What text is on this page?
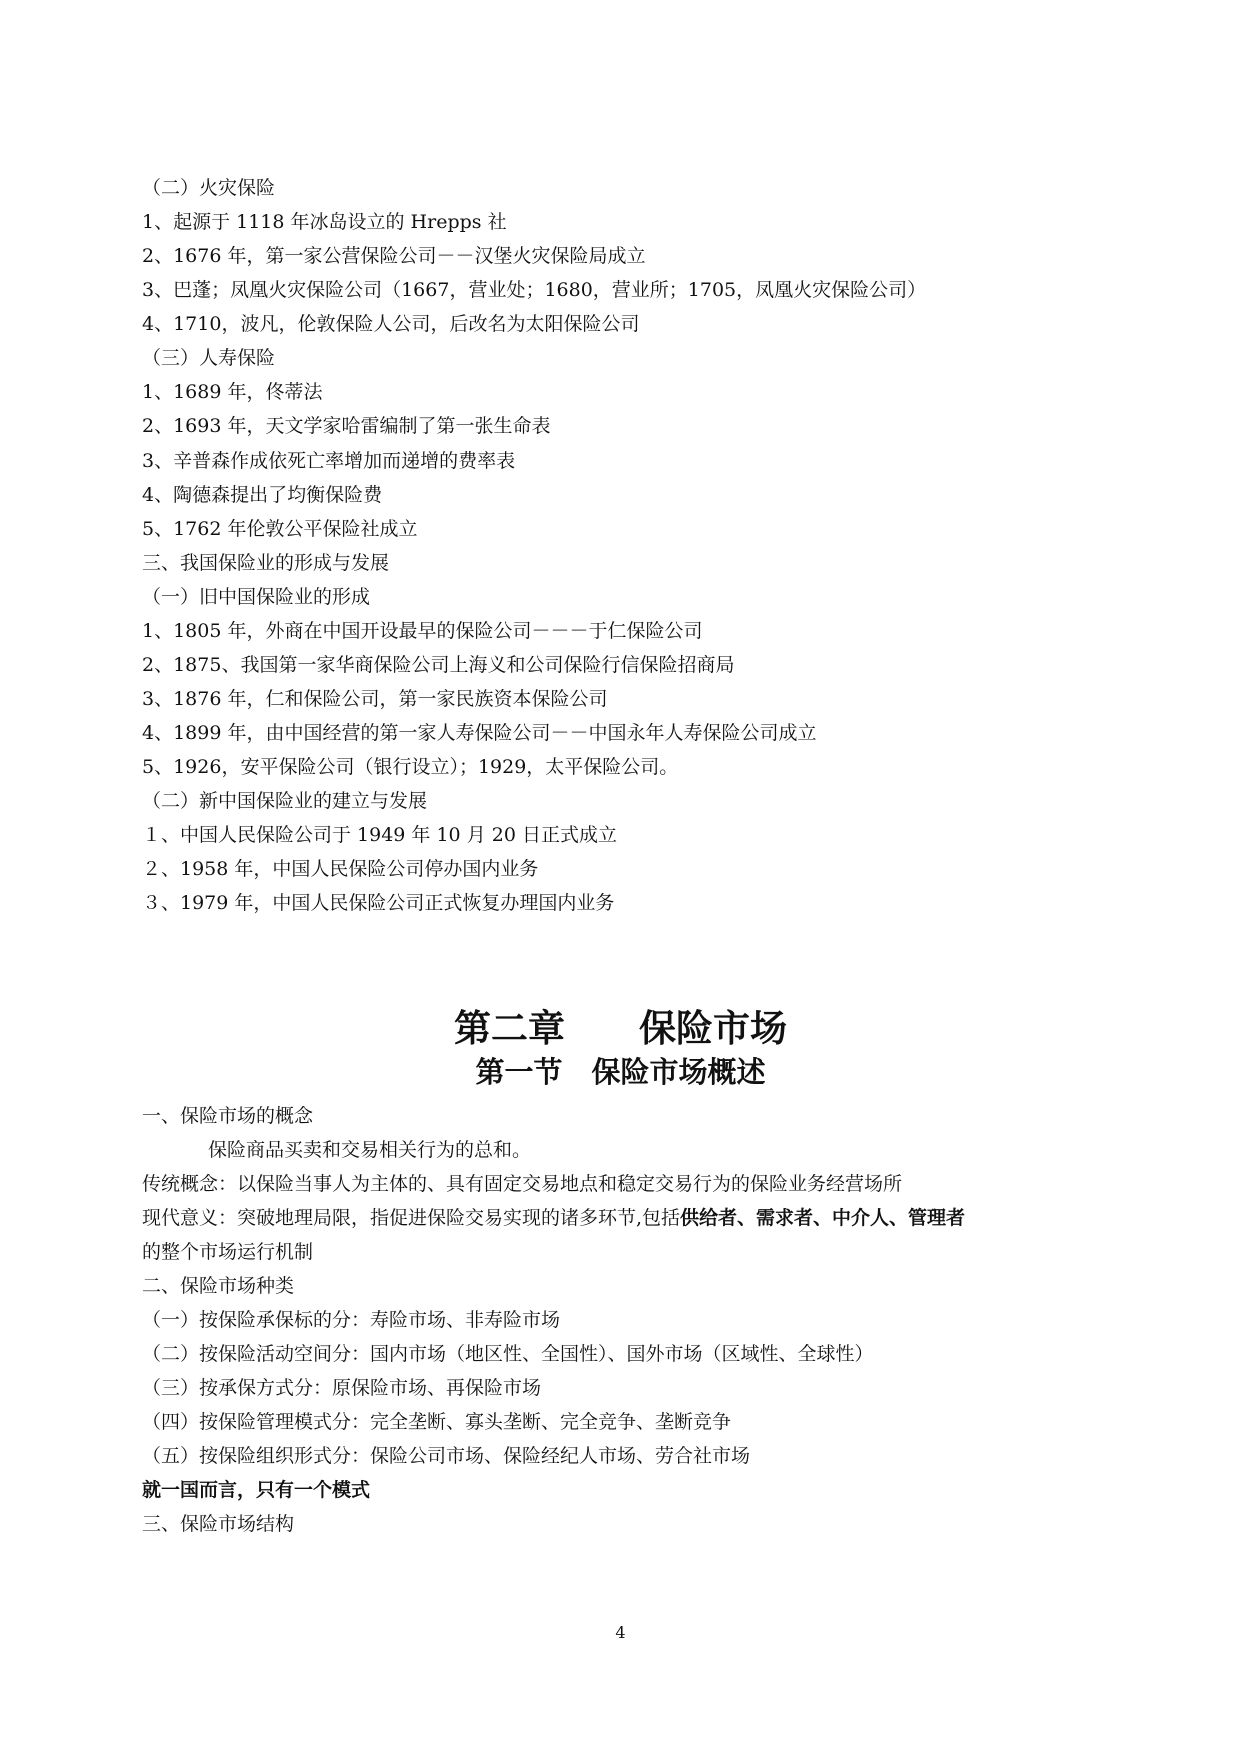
（二）火灾保险
1、起源于 1118 年冰岛设立的 Hrepps 社
2、1676 年，第一家公营保险公司－－汉堡火灾保险局成立
3、巴蓬；凤凰火灾保险公司（1667，营业处；1680，营业所；1705，凤凰火灾保险公司）
4、1710，波凡，伦敦保险人公司，后改名为太阳保险公司
（三）人寿保险
1、1689 年，佟蒂法
2、1693 年，天文学家哈雷编制了第一张生命表
3、辛普森作成依死亡率增加而递增的费率表
4、陶德森提出了均衡保险费
5、1762 年伦敦公平保险社成立
三、我国保险业的形成与发展
（一）旧中国保险业的形成
1、1805 年，外商在中国开设最早的保险公司－－－于仁保险公司
2、1875、我国第一家华商保险公司上海义和公司保险行信保险招商局
3、1876 年，仁和保险公司，第一家民族资本保险公司
4、1899 年，由中国经营的第一家人寿保险公司－－中国永年人寿保险公司成立
5、1926，安平保险公司（银行设立）；1929，太平保险公司。
（二）新中国保险业的建立与发展
１、中国人民保险公司于 1949 年 10 月 20 日正式成立
２、1958 年，中国人民保险公司停办国内业务
３、1979 年，中国人民保险公司正式恢复办理国内业务
第二章　　保险市场
第一节　保险市场概述
一、保险市场的概念
保险商品买卖和交易相关行为的总和。
传统概念：以保险当事人为主体的、具有固定交易地点和稳定交易行为的保险业务经营场所
现代意义：突破地理局限，指促进保险交易实现的诸多环节,包括供给者、需求者、中介人、管理者
的整个市场运行机制
二、保险市场种类
（一）按保险承保标的分：寿险市场、非寿险市场
（二）按保险活动空间分：国内市场（地区性、全国性）、国外市场（区域性、全球性）
（三）按承保方式分：原保险市场、再保险市场
（四）按保险管理模式分：完全垄断、寡头垄断、完全竞争、垄断竞争
（五）按保险组织形式分：保险公司市场、保险经纪人市场、劳合社市场
就一国而言，只有一个模式
三、保险市场结构
4
